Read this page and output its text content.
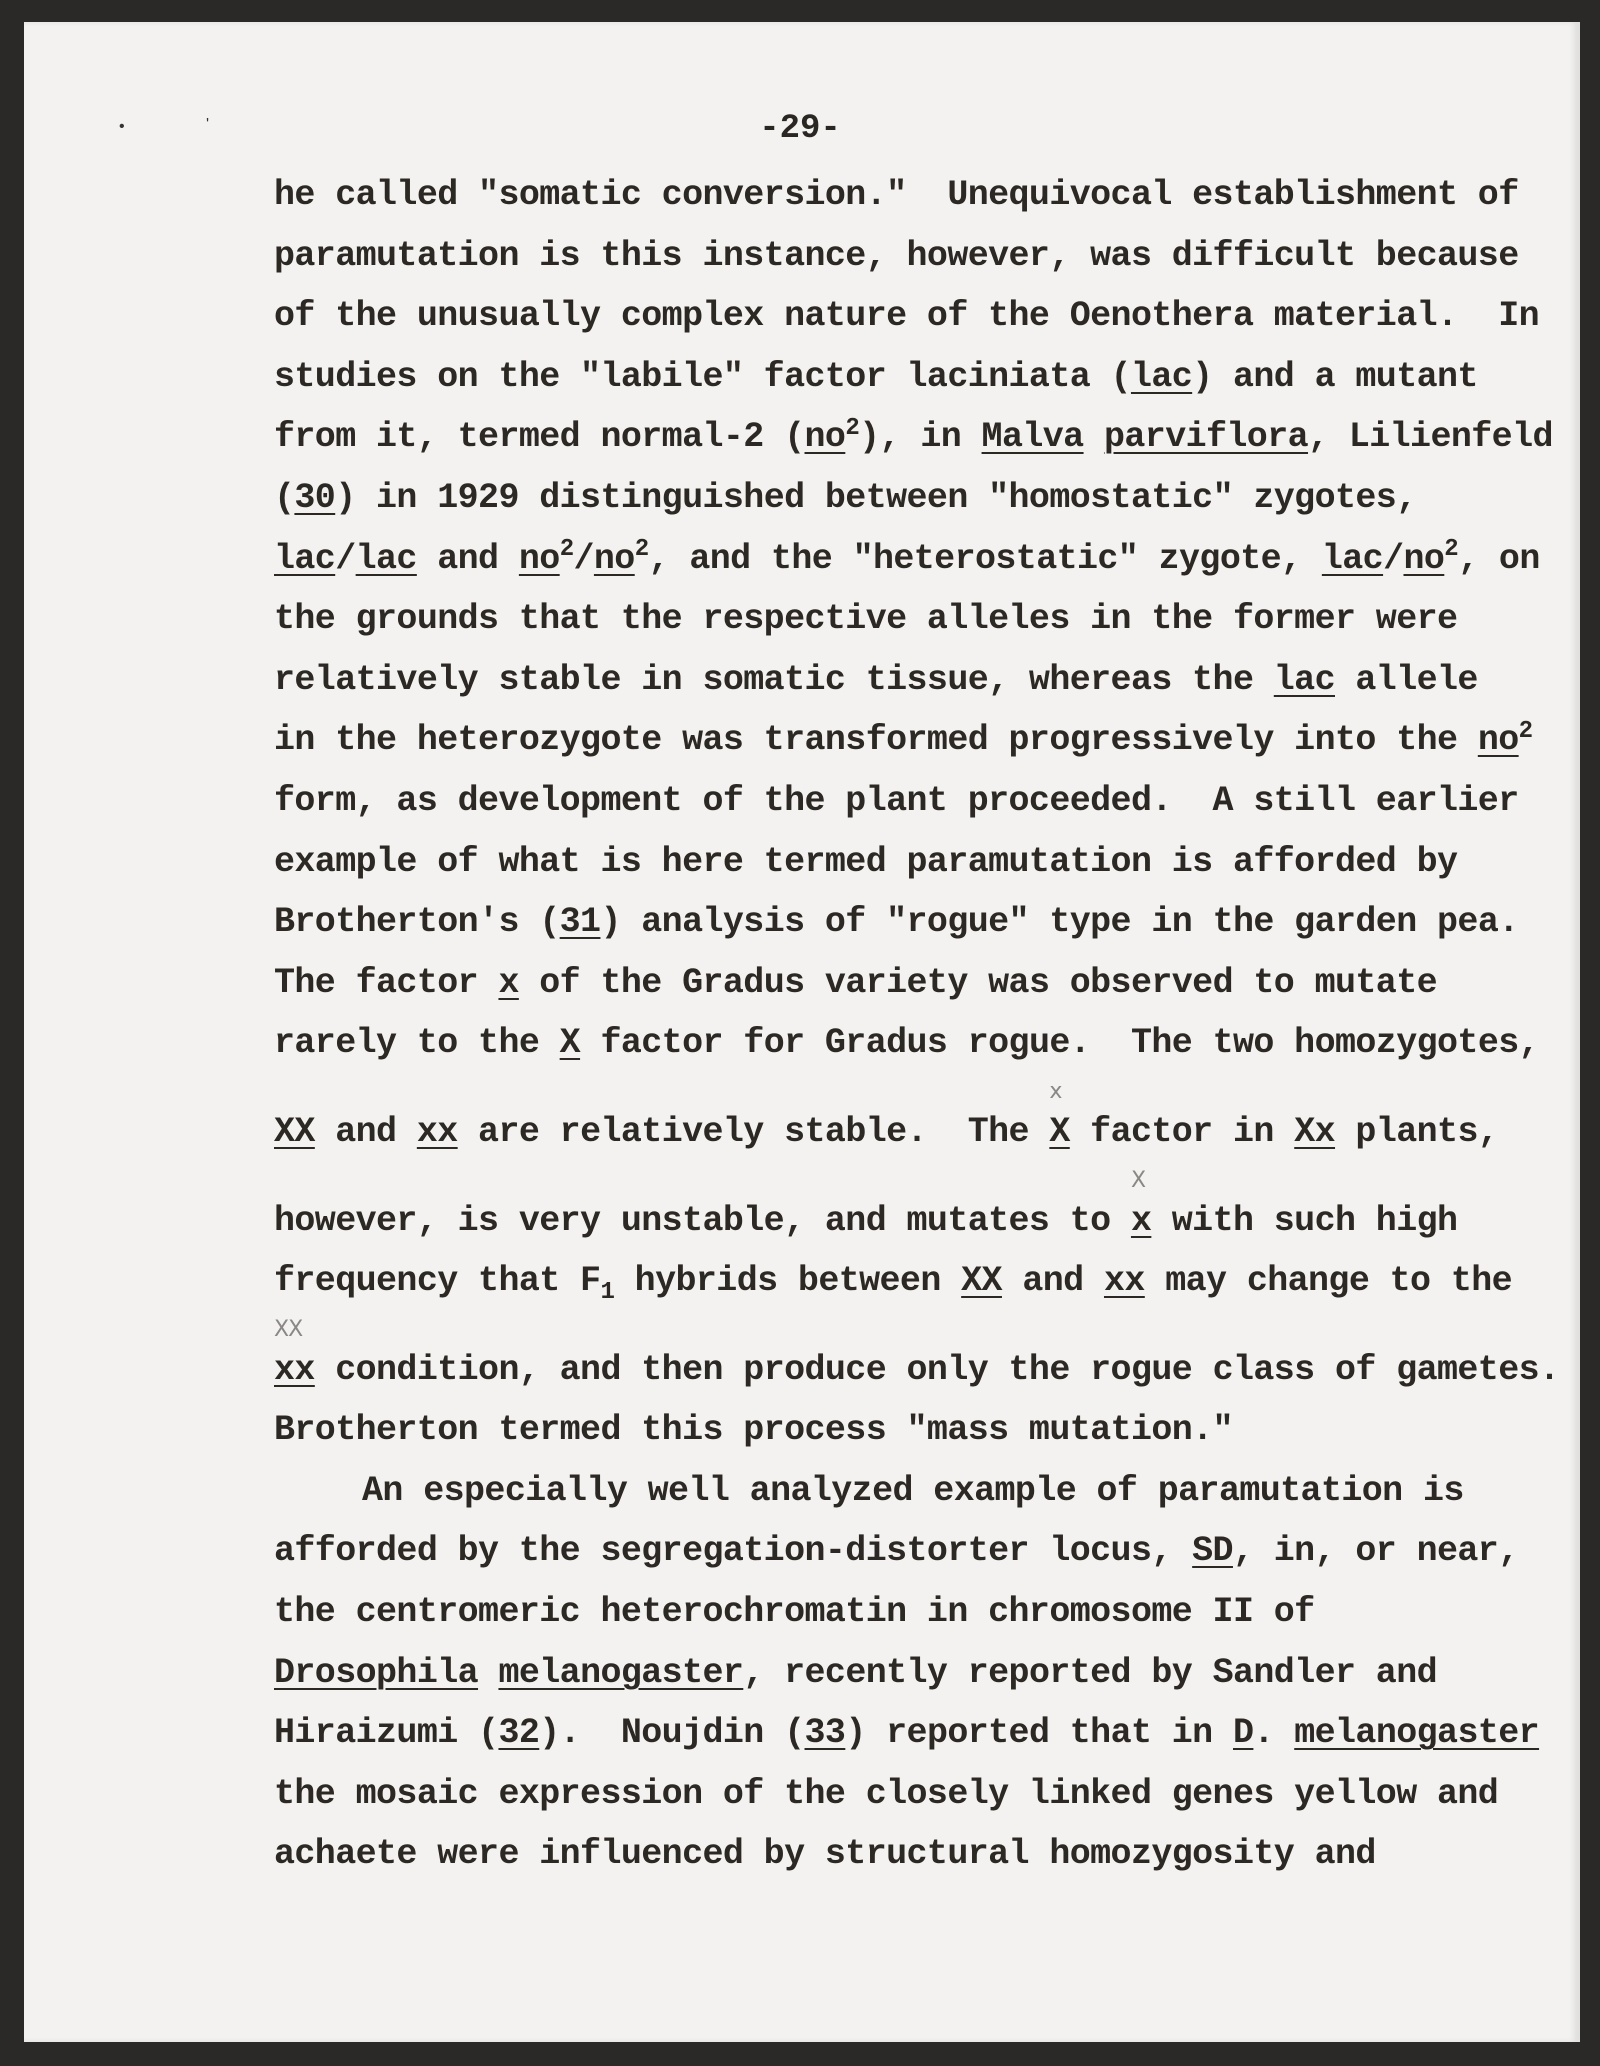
•	'	-29-
he called "somatic conversion."  Unequivocal establishment of
paramutation is this instance, however, was difficult because
of the unusually complex nature of the Oenothera material.  In
studies on the "labile" factor laciniata (lac) and a mutant
from it, termed normal-2 $(no^2)$, in Malva parviflora, Lilienfeld
(30) in 1929 distinguished between "homostatic" zygotes,
lac/lac and $no^2/no^2$, and the "heterostatic" zygote, lac/$no^2$, on
the grounds that the respective alleles in the former were
relatively stable in somatic tissue, whereas the lac allele
in the heterozygote was transformed progressively into the $no^2$
form, as development of the plant proceeded.  A still earlier
example of what is here termed paramutation is afforded by
Brotherton's (31) analysis of "rogue" type in the garden pea.
The factor x of the Gradus variety was observed to mutate
rarely to the X factor for Gradus rogue.  The two homozygotes,
XX and xx are relatively stable.  The X
x
factor in Xx plants,
however, is very unstable, and mutates to x
X
with such high
frequency that $F_1$ hybrids between XX and xx may change to the
xx
XX
condition, and then produce only the rogue class of gametes.
Brotherton termed this process "mass mutation."
An especially well analyzed example of paramutation is
afforded by the segregation-distorter locus, SD, in, or near,
the centromeric heterochromatin in chromosome II of
Drosophila melanogaster, recently reported by Sandler and
Hiraizumi (32).  Noujdin (33) reported that in D. melanogaster
the mosaic expression of the closely linked genes yellow and
achaete were influenced by structural homozygosity and
